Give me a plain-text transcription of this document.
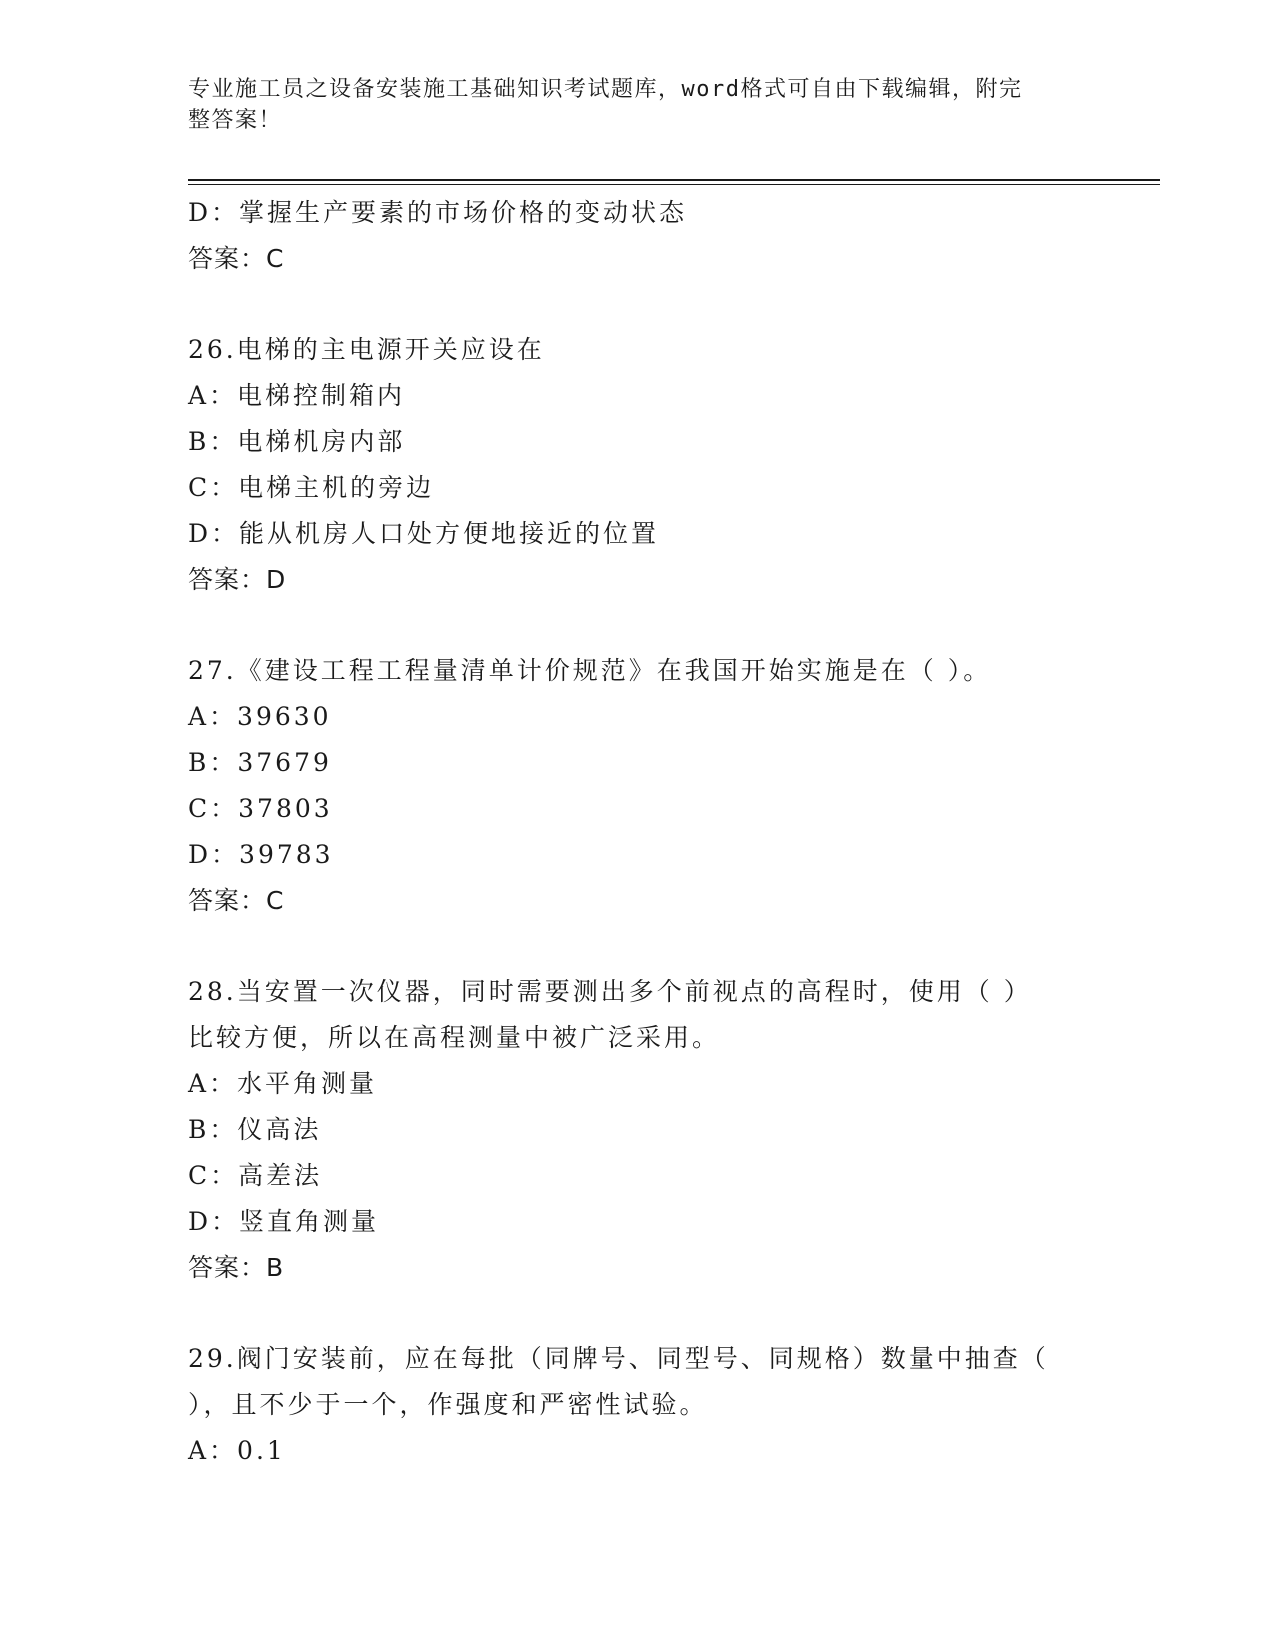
专业施工员之设备安装施工基础知识考试题库，word格式可自由下载编辑，附完
整答案！
D：掌握生产要素的市场价格的变动状态
答案：C
26.电梯的主电源开关应设在
A：电梯控制箱内
B：电梯机房内部
C：电梯主机的旁边
D：能从机房人口处方便地接近的位置
答案：D
27.《建设工程工程量清单计价规范》在我国开始实施是在（ ）。
A：39630
B：37679
C：37803
D：39783
答案：C
28.当安置一次仪器，同时需要测出多个前视点的高程时，使用（ ）
比较方便，所以在高程测量中被广泛采用。
A：水平角测量
B：仪高法
C：高差法
D：竖直角测量
答案：B
29.阀门安装前，应在每批（同牌号、同型号、同规格）数量中抽查（
），且不少于一个，作强度和严密性试验。
A：0.1
